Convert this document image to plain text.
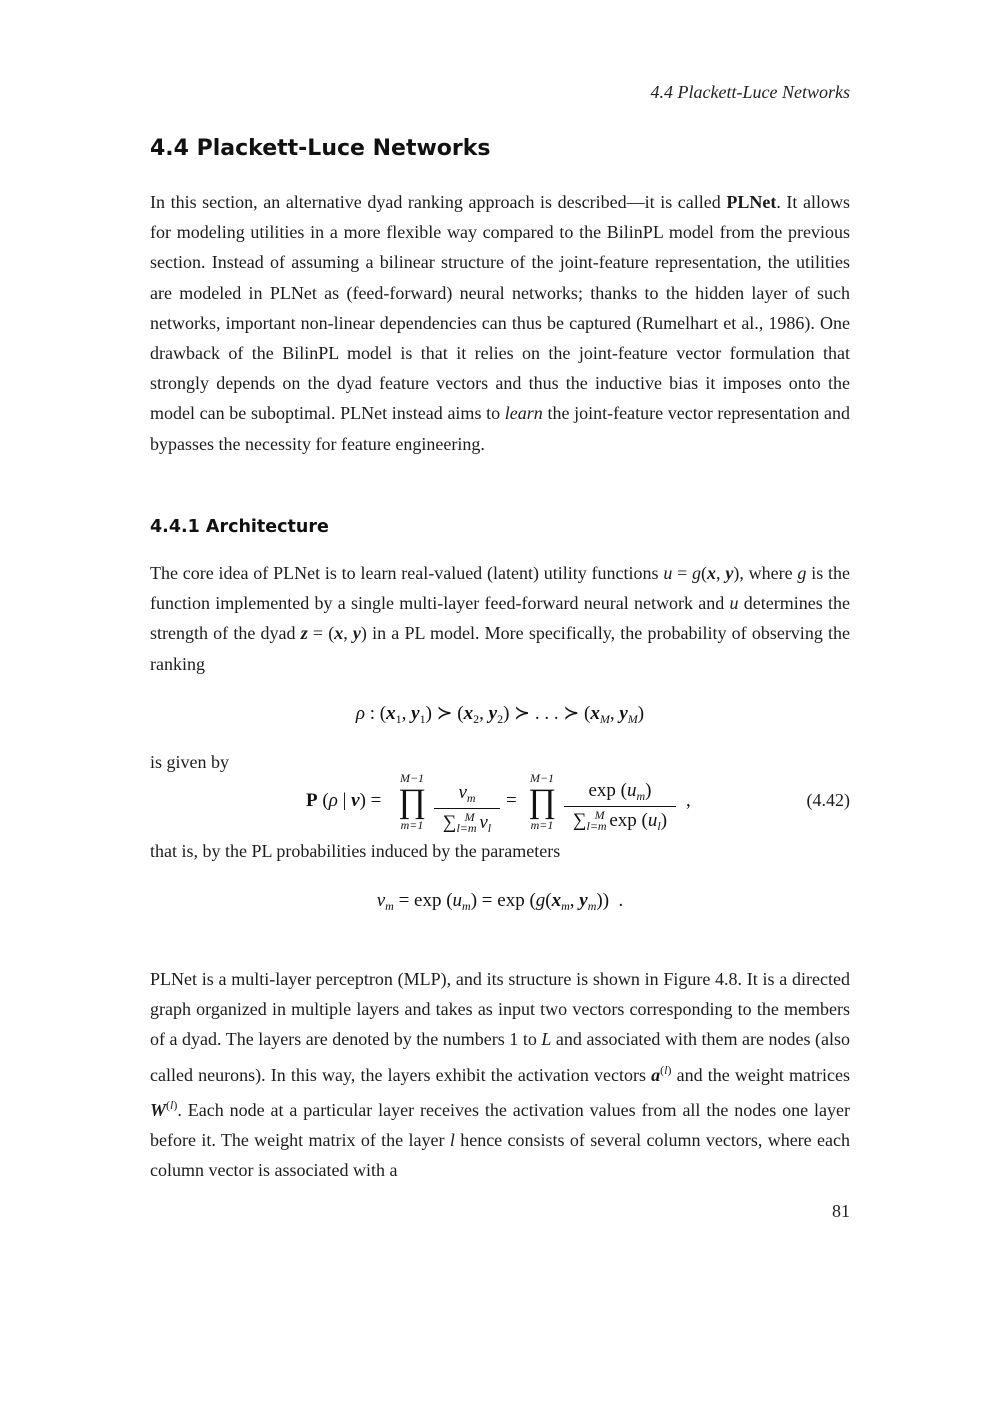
4.4 Plackett-Luce Networks
4.4 Plackett-Luce Networks

In this section, an alternative dyad ranking approach is described—it is called PLNet. It allows for modeling utilities in a more flexible way compared to the BilinPL model from the previous section. Instead of assuming a bilinear structure of the joint-feature representation, the utilities are modeled in PLNet as (feed-forward) neural networks; thanks to the hidden layer of such networks, important non-linear dependencies can thus be captured (Rumelhart et al., 1986). One drawback of the BilinPL model is that it relies on the joint-feature vector formulation that strongly depends on the dyad feature vectors and thus the inductive bias it imposes onto the model can be suboptimal. PLNet instead aims to learn the joint-feature vector representation and bypasses the necessity for feature engineering.

4.4.1 Architecture

The core idea of PLNet is to learn real-valued (latent) utility functions u = g(x, y), where g is the function implemented by a single multi-layer feed-forward neural network and u determines the strength of the dyad z = (x, y) in a PL model. More specifically, the probability of observing the ranking

ρ : ($x_1$, $y_1$) ≻ ($x_2$, $y_2$) ≻ . . . ≻ ($x_M$, $y_M$)
is given by
P (ρ | v) =
M−1
∏
$m=1 \frac{v_m}{\sum_{l=m}^M v_l}$ =
M−1
∏
$m=1 \frac{\exp (u_m)}{\sum_{l=m}^M \exp (u_l)}$ ,	(4.42)
that is, by the PL probabilities induced by the parameters
$v_m = \exp (u_m) = \exp (g(x_m$, $y_m$))  .

PLNet is a multi-layer perceptron (MLP), and its structure is shown in Figure 4.8. It is a directed graph organized in multiple layers and takes as input two vectors corresponding to the members of a dyad. The layers are denoted by the numbers 1 to L and associated with them are nodes (also called neurons). In this way, the layers exhibit the activation vectors $a^{(l)}$ and the weight matrices $W^{(l)}$. Each node at a particular layer receives the activation values from all the nodes one layer before it. The weight matrix of the layer l hence consists of several column vectors, where each column vector is associated with a

81
